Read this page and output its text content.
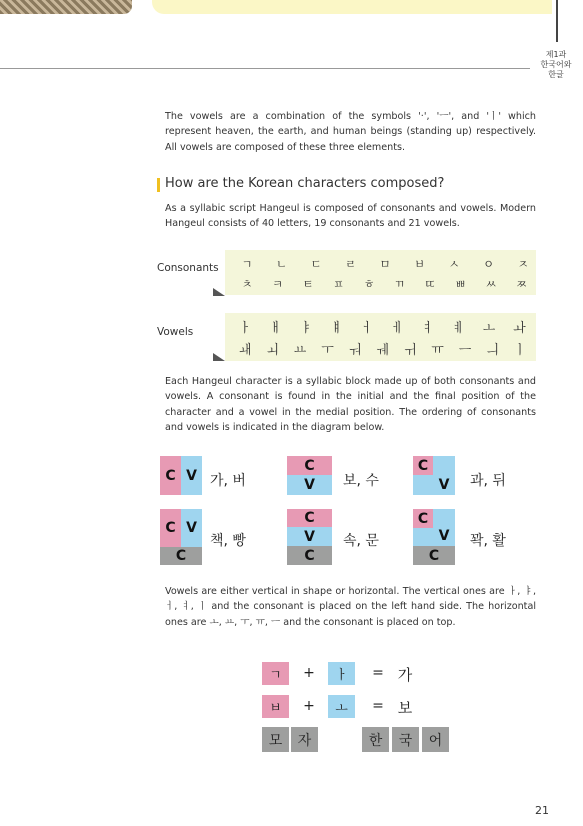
제1과
한국어와
한글
The vowels are a combination of the symbols '·', 'ㅡ', and 'ㅣ' which represent heaven, the earth, and human beings (standing up) respectively. All vowels are composed of these three elements.
How are the Korean characters composed?
As a syllabic script Hangeul is composed of consonants and vowels. Modern Hangeul consists of 40 letters, 19 consonants and 21 vowels.
Consonants	ㄱ	ㄴ	ㄷ	ㄹ	ㅁ	ㅂ	ㅅ	ㅇ	ㅈ
ㅊ	ㅋ	ㅌ	ㅍ	ㅎ	ㄲ	ㄸ	ㅃ	ㅆ	ㅉ
Vowels	ㅏ	ㅐ	ㅑ	ㅒ	ㅓ	ㅔ	ㅕ	ㅖ	ㅗ	ㅘ
ㅙ	ㅚ	ㅛ	ㅜ	ㅝ	ㅞ	ㅟ	ㅠ	ㅡ	ㅢ	ㅣ
Each Hangeul character is a syllabic block made up of both consonants and vowels. A consonant is found in the initial and the final position of the character and a vowel in the medial position. The ordering of consonants and vowels is indicated in the diagram below.
C V 가, 버
C
V	보, 수
C
V	과, 뒤
C V
C
책, 빵
C
V
C
속, 문
C
V
C
꽉, 활
Vowels are either vertical in shape or horizontal. The vertical ones are ㅏ, ㅑ, ㅓ, ㅕ, ㅣ and the consonant is placed on the left hand side. The horizontal ones are ㅗ, ㅛ, ㅜ, ㅠ, ㅡ and the consonant is placed on top.
ㄱ	+	ㅏ	= 가
ㅂ	+	ㅗ	= 보
모	자	한	국	어
21
